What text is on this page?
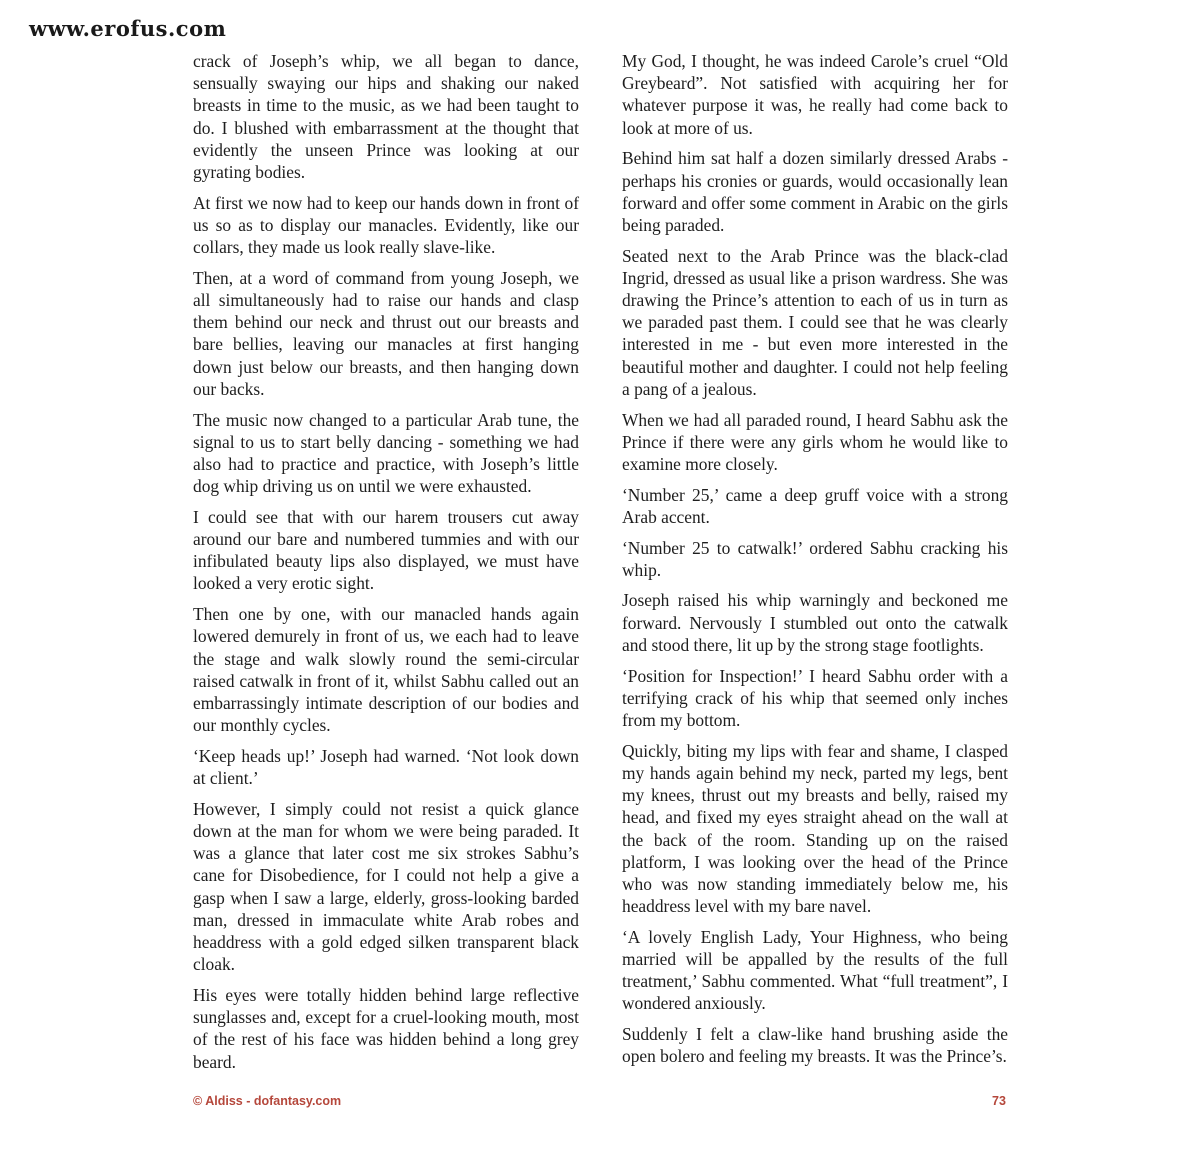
www.erofus.com

crack of Joseph’s whip, we all began to dance, sensually swaying our hips and shaking our naked breasts in time to the music, as we had been taught to do. I blushed with embarrassment at the thought that evidently the unseen Prince was looking at our gyrating bodies.

At first we now had to keep our hands down in front of us so as to display our manacles. Evidently, like our collars, they made us look really slave-like.

Then, at a word of command from young Joseph, we all simultaneously had to raise our hands and clasp them behind our neck and thrust out our breasts and bare bellies, leaving our manacles at first hanging down just below our breasts, and then hanging down our backs.

The music now changed to a particular Arab tune, the signal to us to start belly dancing - something we had also had to practice and practice, with Joseph’s little dog whip driving us on until we were exhausted.

I could see that with our harem trousers cut away around our bare and numbered tummies and with our infibulated beauty lips also displayed, we must have looked a very erotic sight.

Then one by one, with our manacled hands again lowered demurely in front of us, we each had to leave the stage and walk slowly round the semi-circular raised catwalk in front of it, whilst Sabhu called out an embarrassingly intimate description of our bodies and our monthly cycles.

‘Keep heads up!’ Joseph had warned. ‘Not look down at client.’

However, I simply could not resist a quick glance down at the man for whom we were being paraded. It was a glance that later cost me six strokes Sabhu’s cane for Disobedience, for I could not help a give a gasp when I saw a large, elderly, gross-looking barded man, dressed in immaculate white Arab robes and headdress with a gold edged silken transparent black cloak.

His eyes were totally hidden behind large reflective sunglasses and, except for a cruel-looking mouth, most of the rest of his face was hidden behind a long grey beard.

My God, I thought, he was indeed Carole’s cruel “Old Greybeard”. Not satisfied with acquiring her for whatever purpose it was, he really had come back to look at more of us.

Behind him sat half a dozen similarly dressed Arabs - perhaps his cronies or guards, would occasionally lean forward and offer some comment in Arabic on the girls being paraded.

Seated next to the Arab Prince was the black-clad Ingrid, dressed as usual like a prison wardress. She was drawing the Prince’s attention to each of us in turn as we paraded past them. I could see that he was clearly interested in me - but even more interested in the beautiful mother and daughter. I could not help feeling a pang of a jealous.

When we had all paraded round, I heard Sabhu ask the Prince if there were any girls whom he would like to examine more closely.

‘Number 25,’ came a deep gruff voice with a strong Arab accent.

‘Number 25 to catwalk!’ ordered Sabhu cracking his whip.

Joseph raised his whip warningly and beckoned me forward. Nervously I stumbled out onto the catwalk and stood there, lit up by the strong stage footlights.

‘Position for Inspection!’ I heard Sabhu order with a terrifying crack of his whip that seemed only inches from my bottom.

Quickly, biting my lips with fear and shame, I clasped my hands again behind my neck, parted my legs, bent my knees, thrust out my breasts and belly, raised my head, and fixed my eyes straight ahead on the wall at the back of the room. Standing up on the raised platform, I was looking over the head of the Prince who was now standing immediately below me, his headdress level with my bare navel.

‘A lovely English Lady, Your Highness, who being married will be appalled by the results of the full treatment,’ Sabhu commented. What “full treatment”, I wondered anxiously.

Suddenly I felt a claw-like hand brushing aside the open bolero and feeling my breasts. It was the Prince’s.

© Aldiss - dofantasy.com	73
